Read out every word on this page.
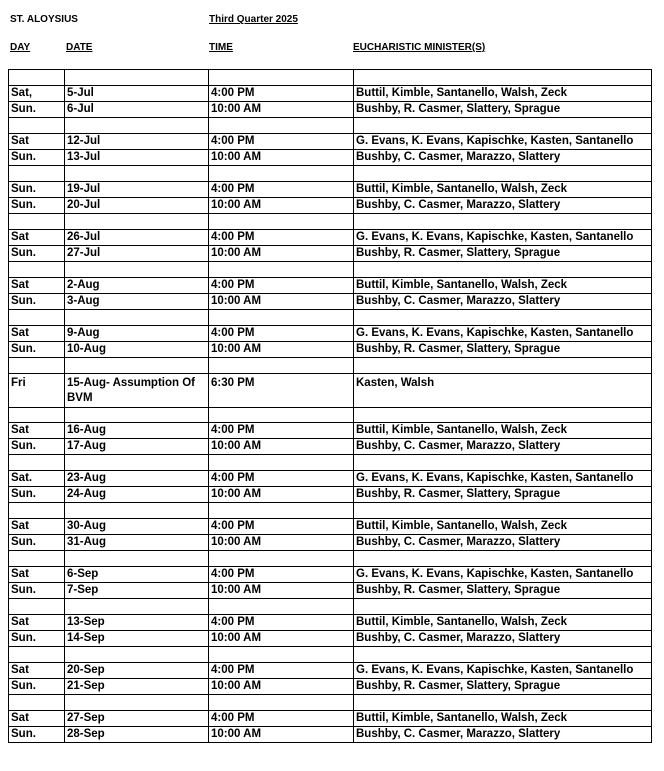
ST. ALOYSIUS	Third Quarter 2025
DAY	DATE	TIME	EUCHARISTIC MINISTER(S)

Sat,	5-Jul	4:00 PM	Buttil, Kimble, Santanello, Walsh, Zeck
Sun.	6-Jul	10:00 AM	Bushby, R. Casmer, Slattery, Sprague

Sat	12-Jul	4:00 PM	G. Evans, K. Evans, Kapischke, Kasten, Santanello
Sun.	13-Jul	10:00 AM	Bushby, C. Casmer, Marazzo, Slattery

Sun.	19-Jul	4:00 PM	Buttil, Kimble, Santanello, Walsh, Zeck
Sun.	20-Jul	10:00 AM	Bushby, C. Casmer, Marazzo, Slattery

Sat	26-Jul	4:00 PM	G. Evans, K. Evans, Kapischke, Kasten, Santanello
Sun.	27-Jul	10:00 AM	Bushby, R. Casmer, Slattery, Sprague

Sat	2-Aug	4:00 PM	Buttil, Kimble, Santanello, Walsh, Zeck
Sun.	3-Aug	10:00 AM	Bushby, C. Casmer, Marazzo, Slattery

Sat	9-Aug	4:00 PM	G. Evans, K. Evans, Kapischke, Kasten, Santanello
Sun.	10-Aug	10:00 AM	Bushby, R. Casmer, Slattery, Sprague

Fri	15-Aug- Assumption Of BVM	6:30 PM	Kasten, Walsh

Sat	16-Aug	4:00 PM	Buttil, Kimble, Santanello, Walsh, Zeck
Sun.	17-Aug	10:00 AM	Bushby, C. Casmer, Marazzo, Slattery

Sat.	23-Aug	4:00 PM	G. Evans, K. Evans, Kapischke, Kasten, Santanello
Sun.	24-Aug	10:00 AM	Bushby, R. Casmer, Slattery, Sprague

Sat	30-Aug	4:00 PM	Buttil, Kimble, Santanello, Walsh, Zeck
Sun.	31-Aug	10:00 AM	Bushby, C. Casmer, Marazzo, Slattery

Sat	6-Sep	4:00 PM	G. Evans, K. Evans, Kapischke, Kasten, Santanello
Sun.	7-Sep	10:00 AM	Bushby, R. Casmer, Slattery, Sprague

Sat	13-Sep	4:00 PM	Buttil, Kimble, Santanello, Walsh, Zeck
Sun.	14-Sep	10:00 AM	Bushby, C. Casmer, Marazzo, Slattery

Sat	20-Sep	4:00 PM	G. Evans, K. Evans, Kapischke, Kasten, Santanello
Sun.	21-Sep	10:00 AM	Bushby, R. Casmer, Slattery, Sprague

Sat	27-Sep	4:00 PM	Buttil, Kimble, Santanello, Walsh, Zeck
Sun.	28-Sep	10:00 AM	Bushby, C. Casmer, Marazzo, Slattery
